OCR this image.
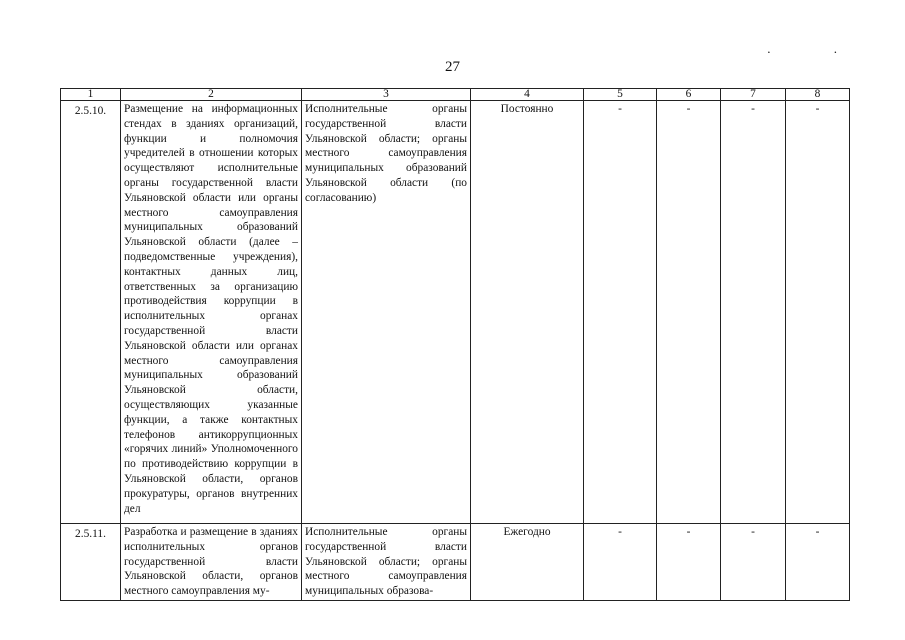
. .
27
1	2	3	4	5	6	7	8
2.5.10.	Размещение на информационных стендах в зданиях организаций, функции и полномочия учредителей в отношении которых осуществляют исполнительные органы государственной власти Ульяновской области или органы местного самоуправления муниципальных образований Ульяновской области (далее – подведомственные учреждения), контактных данных лиц, ответственных за организацию противодействия коррупции в исполнительных органах государственной власти Ульяновской области или органах местного самоуправления муниципальных образований Ульяновской области, осуществляющих указанные функции, а также контактных телефонов антикоррупционных «горячих линий» Уполномоченного по противодействию коррупции в Ульяновской области, органов прокуратуры, органов внутренних дел	Исполнительные органы государственной власти Ульяновской области; органы местного самоуправления муниципальных образований Ульяновской области (по согласованию)	Постоянно	-	-	-	-
2.5.11.	Разработка и размещение в зданиях исполнительных органов государственной власти Ульяновской области, органов местного самоуправления му-	Исполнительные органы государственной власти Ульяновской области; органы местного самоуправления муниципальных образова-	Ежегодно	-	-	-	-
